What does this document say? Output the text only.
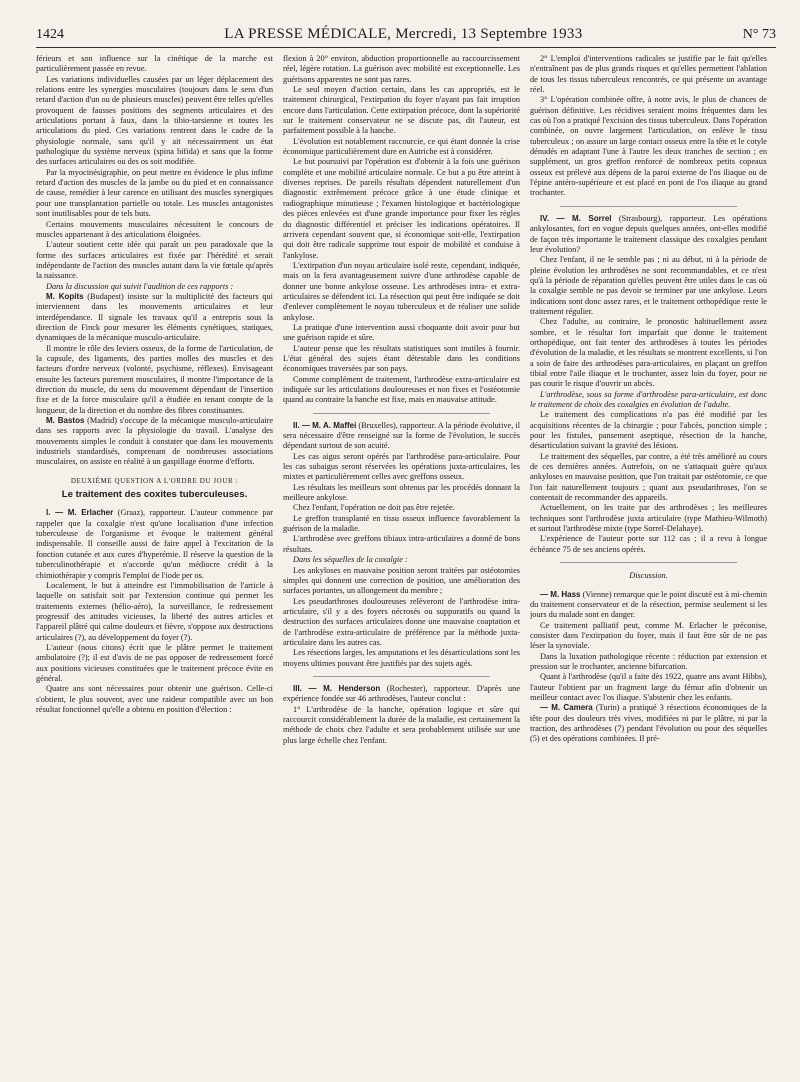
1424	LA PRESSE MÉDICALE, Mercredi, 13 Septembre 1933	N° 73

férieurs et son influence sur la cinétique de la marche est particulièrement passée en revue.

Les variations individuelles causées par un léger déplacement des relations entre les synergies musculaires (toujours dans le sens d'un retard d'action d'un ou de plusieurs muscles) peuvent être telles qu'elles provoquent de fausses positions des segments articulaires et des articulations portant à faux, dans la tibio-tarsienne et toutes les articulations du pied. Ces variations rentrent dans le cadre de la physiologie normale, sans qu'il y ait nécessairement un état pathologique du système nerveux (spina bifida) et sans que la forme des surfaces articulaires ou des os soit modifiée.

Par la myocinésigraphie, on peut mettre en évidence le plus infime retard d'action des muscles de la jambe ou du pied et en connaissance de cause, remédier à leur carence en utilisant des muscles synergiques pour une transplantation partielle ou totale. Les muscles antagonistes sont inutilisables pour de tels buts.

Certains mouvements musculaires nécessitent le concours de muscles appartenant à des articulations éloignées.

L'auteur soutient cette idée qui paraît un peu paradoxale que la forme des surfaces articulaires est fixée par l'hérédité et serait indépendante de l'action des muscles autant dans la vie fœtale qu'après la naissance.

Dans la discussion qui suivit l'audition de ces rapports :

M. Kopits (Budapest) insiste sur la multiplicité des facteurs qui interviennent dans les mouvements articulaires et leur interdépendance. Il signale les travaux qu'il a entrepris sous la direction de Finck pour mesurer les éléments cynétiques, statiques, dynamiques de la mécanique musculo-articulaire.

Il montre le rôle des leviers osseux, de la forme de l'articulation, de la capsule, des ligaments, des parties molles des muscles et des facteurs d'ordre nerveux (volonté, psychisme, réflexes). Envisageant ensuite les facteurs purement musculaires, il montre l'importance de la direction du muscle, du sens du mouvement dépendant de l'insertion fixe et de la force musculaire qu'il a étudiée en tenant compte de la longueur, de la direction et du nombre des fibres constituantes.

M. Bastos (Madrid) s'occupe de la mécanique musculo-articulaire dans ses rapports avec la physiologie du travail. L'analyse des mouvements simples le conduit à constater que dans les mouvements industriels standardisés, comprenant de nombreuses associations musculaires, on assiste en réalité à un gaspillage énorme d'efforts.

DEUXIÈME QUESTION A L'ORDRE DU JOUR :

Le traitement des coxites tuberculeuses.

I. — M. Erlacher (Graaz), rapporteur. L'auteur commence par rappeler que la coxalgie n'est qu'une localisation d'une infection tuberculeuse de l'organisme et évoque le traitement général indispensable. Il conseille aussi de faire appel à l'excitation de la fonction cutanée et aux cures d'hyperémie. Il réserve la question de la tuberculinothérapie et n'accorde qu'un médiocre crédit à la chimiothérapie y compris l'emploi de l'iode per os.

Localement, le but à atteindre est l'immobilisation de l'article à laquelle on satisfait soit par l'extension continue qui permet les traitements externes (hélio-aéro), la surveillance, le redressement progressif des attitudes vicieuses, la liberté des autres articles et l'appareil plâtré qui calme douleurs et fièvre, s'oppose aux destructions articulaires (?), au développement du foyer (?).

L'auteur (nous citons) écrit que le plâtre permet le traitement ambulatoire (?); il est d'avis de ne pas opposer de redressement forcé aux positions vicieuses constituées que le traitement précoce évite en général.

Quatre ans sont nécessaires pour obtenir une guérison. Celle-ci s'obtient, le plus souvent, avec une raideur compatible avec un bon résultat fonctionnel qu'elle a obtenu en position d'élection :

flexion à 20° environ, abduction proportionnelle au raccourcissement réel, légère rotation. La guérison avec mobilité est exceptionnelle. Les guérisons apparentes ne sont pas rares.

Le seul moyen d'action certain, dans les cas appropriés, est le traitement chirurgical, l'extirpation du foyer n'ayant pas fait irruption encore dans l'articulation. Cette extirpation précoce, dont la supériorité sur le traitement conservateur ne se discute pas, dit l'auteur, est parfaitement possible à la hanche.

L'évolution est notablement raccourcie, ce qui étant donnée la crise économique particulièrement dure en Autriche est à considérer.

Le but poursuivi par l'opération est d'obtenir à la fois une guérison complète et une mobilité articulaire normale. Ce but a pu être atteint à diverses reprises. De pareils résultats dépendent naturellement d'un diagnostic extrêmement précoce grâce à une étude clinique et radiographique minutieuse ; l'examen histologique et bactériologique des pièces enlevées est d'une grande importance pour fixer les règles du diagnostic différentiel et préciser les indications opératoires. Il arrivera cependant souvent que, si économique soit-elle, l'extirpation qui doit être radicale supprime tout espoir de mobilité et conduise à l'ankylose.

L'extirpation d'un noyau articulaire isolé reste, cependant, indiquée, mais on la fera avantageusement suivre d'une arthrodèse capable de donner une bonne ankylose osseuse. Les arthrodèses intra- et extra-articulaires se défendent ici. La résection qui peut être indiquée se doit d'enlever complètement le noyau tuberculeux et de réaliser une solide ankylose.

La pratique d'une intervention aussi choquante doit avoir pour but une guérison rapide et sûre.

L'auteur pense que les résultats statistiques sont inutiles à fournir. L'état général des sujets étant détestable dans les conditions économiques traversées par son pays.

Comme complément de traitement, l'arthrodèse extra-articulaire est indiquée sur les articulations douloureuses et non fixes et l'ostéotomie quand au contraire la hanche est fixe, mais en mauvaise attitude.

II. — M. A. Maffei (Bruxelles), rapporteur. A la période évolutive, il sera nécessaire d'être renseigné sur la forme de l'évolution, le succès dépendant surtout de son acuité.

Les cas aigus seront opérés par l'arthrodèse para-articulaire. Pour les cas subaigus seront réservées les opérations juxta-articulaires, les mixtes et particulièrement celles avec greffons osseux.

Les résultats les meilleurs sont obtenus par les procédés donnant la meilleure ankylose.

Chez l'enfant, l'opération ne doit pas être rejetée.

Le greffon transplanté en tissu osseux influence favorablement la guérison de la maladie.

L'arthrodèse avec greffons tibiaux intra-articulaires a donné de bons résultats.

Dans les séquelles de la coxalgie :

Les ankyloses en mauvaise position seront traitées par ostéotomies simples qui donnent une correction de position, une amélioration des surfaces portantes, un allongement du membre ;

Les pseudarthroses douloureuses relèveront de l'arthrodèse intra-articulaire, s'il y a des foyers nécrosés ou suppuratifs ou quand la destruction des surfaces articulaires donne une mauvaise coaptation et de l'arthrodèse extra-articulaire de préférence par la méthode juxta-articulaire dans les autres cas.

Les résections larges, les amputations et les désarticulations sont les moyens ultimes pouvant être justifiés par des sujets agés.

III. — M. Henderson (Rochester), rapporteur. D'après une expérience fondée sur 46 arthrodèses, l'auteur conclut :

1° L'arthrodèse de la hanche, opération logique et sûre qui raccourcit considérablement la durée de la maladie, est certainement la méthode de choix chez l'adulte et sera probablement utilisée sur une plus large échelle chez l'enfant.

2° L'emploi d'interventions radicales se justifie par le fait qu'elles n'entraînent pas de plus grands risques et qu'elles permettent l'ablation de tous les tissus tuberculeux rencontrés, ce qui présente un avantage réel.

3° L'opération combinée offre, à notre avis, le plus de chances de guérison définitive. Les récidives seraient moins fréquentes dans les cas où l'on a pratiqué l'excision des tissus tuberculeux. Dans l'opération combinée, on ouvre largement l'articulation, on enlève le tissu tuberculeux ; on assure un large contact osseux entre la tête et le cotyle dénudés en adaptant l'une à l'autre les deux tranches de section ; en supplément, un gros greffon renforcé de nombreux petits copeaux osseux est prélevé aux dépens de la paroi externe de l'os iliaque ou de l'épine antéro-supérieure et est placé en pont de l'os iliaque au grand trochanter.

IV. — M. Sorrel (Strasbourg), rapporteur. Les opérations ankylosantes, fort en vogue depuis quelques années, ont-elles modifié de façon très importante le traitement classique des coxalgies pendant leur évolution?

Chez l'enfant, il ne le semble pas ; ni au début, ni à la période de pleine évolution les arthrodèses ne sont recommandables, et ce n'est qu'à la période de réparation qu'elles peuvent être utiles dans le cas où la coxalgie semble ne pas devoir se terminer par une ankylose. Leurs indications sont donc assez rares, et le traitement orthopédique reste le traitement régulier.

Chez l'adulte, au contraire, le pronostic habituellement assez sombre, et le résultat fort imparfait que donne le traitement orthopédique, ont fait tenter des arthrodèses à toutes les périodes d'évolution de la maladie, et les résultats se montrent excellents, si l'on a soin de faire des arthrodèses para-articulaires, en plaçant un greffon tibial entre l'aile iliaque et le trochanter, assez loin du foyer, pour ne pas courir le risque d'ouvrir un abcès.

L'arthrodèse, sous sa forme d'arthrodèse para-articulaire, est donc le traitement de choix des coxalgies en évolution de l'adulte.

Le traitement des complications n'a pas été modifié par les acquisitions récentes de la chirurgie ; pour l'abcès, ponction simple ; pour les fistules, pansement aseptique, résection de la hanche, désarticulation suivant la gravité des lésions.

Le traitement des séquelles, par contre, a été très amélioré au cours de ces dernières années. Autrefois, on ne s'attaquait guère qu'aux ankyloses en mauvaise position, que l'on traitait par ostéotomie, ce que l'on fait naturellement toujours ; quant aux pseudarthroses, l'on se contentait de recommander des appareils.

Actuellement, on les traite par des arthrodèses ; les meilleures techniques sont l'arthrodèse juxta articulaire (type Mathieu-Wilmoth) et surtout l'arthrodèse mixte (type Sorrel-Delahaye).

L'expérience de l'auteur porte sur 112 cas ; il a revu à longue échéance 75 de ses anciens opérés.

Discussion.

— M. Hass (Vienne) remarque que le point discuté est à mi-chemin du traitement conservateur et de la résection, permise seulement si les jours du malade sont en danger.

Ce traitement palliatif peut, comme M. Erlacher le préconise, consister dans l'extirpation du foyer, mais il faut être sûr de ne pas léser la synoviale.

Dans la luxation pathologique récente : réduction par extension et pression sur le trochanter, ancienne bifurcation.

Quant à l'arthrodèse (qu'il a faite dès 1922, quatre ans avant Hibbs), l'auteur l'obtient par un fragment large du fémur afin d'obtenir un meilleur contact avec l'os iliaque. S'abstenir chez les enfants.

— M. Camera (Turin) a pratiqué 3 résections économiques de la tête pour des douleurs très vives, modifiées ni par le plâtre, ni par la traction, des arthrodèses (7) pendant l'évolution ou pour des séquelles (5) et des opérations combinées. Il pré-
